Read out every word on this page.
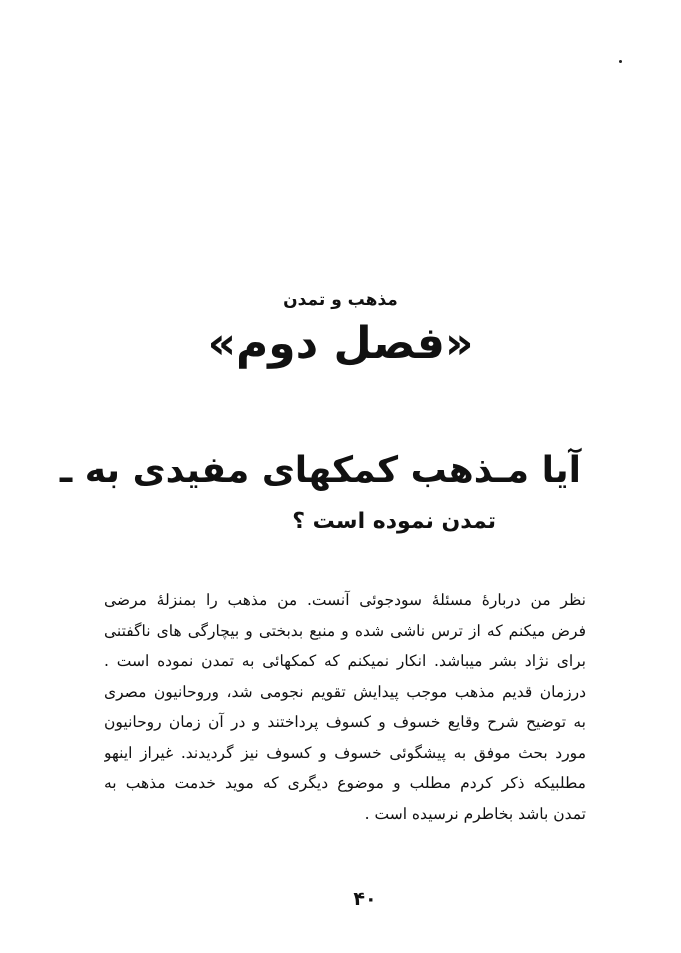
مذهب و تمدن
«فصل دوم»
آیا مـذهب کمکهای مفیدی به ـ
تمدن نموده است ؟
نظر من دربارهٔ مسئلهٔ سودجوئی آنست. من مذهب را بمنزلهٔ مرضی
فرض میکنم که از ترس ناشی شده و منبع بدبختی و بیچارگی های ناگفتنی
برای نژاد بشر میباشد. انکار نمیکنم که کمکهائی به تمدن نموده است .
درزمان قدیم مذهب موجب پیدایش تقویم نجومی شد، وروحانیون مصری
به توضیح شرح وقایع خسوف و کسوف پرداختند و در آن زمان روحانیون
مورد بحث موفق به پیشگوئی خسوف و کسوف نیز گردیدند. غیراز اینهو
مطلبیکه ذکر کردم مطلب و موضوع دیگری که موید خدمت مذهب به
تمدن باشد بخاطرم نرسیده است .
۴۰
